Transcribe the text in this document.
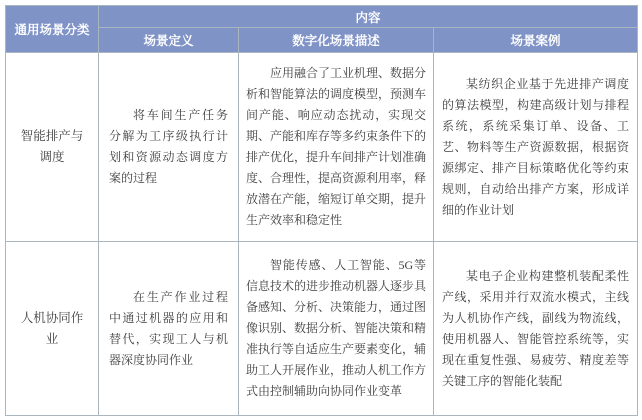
通用场景分类	内容		
	场景定义	数字化场景描述	场景案例
智能排产与调度	将车间生产任务分解为工序级执行计划和资源动态调度方案的过程	应用融合了工业机理、数据分析和智能算法的调度模型，预测车间产能、响应动态扰动，实现交期、产能和库存等多约束条件下的排产优化，提升车间排产计划准确度、合理性，提高资源利用率，释放潜在产能，缩短订单交期，提升生产效率和稳定性	某纺织企业基于先进排产调度的算法模型，构建高级计划与排程系统，系统采集订单、设备、工艺、物料等生产资源数据，根据资源绑定、排产目标策略优化等约束规则，自动给出排产方案，形成详细的作业计划
人机协同作业	在生产作业过程中通过机器的应用和替代，实现工人与机器深度协同作业	智能传感、人工智能、5G等信息技术的进步推动机器人逐步具备感知、分析、决策能力，通过图像识别、数据分析、智能决策和精准执行等自适应生产要素变化，辅助工人开展作业，推动人机工作方式由控制辅助向协同作业变革	某电子企业构建整机装配柔性产线，采用并行双流水模式，主线为人机协作产线，副线为物流线，使用机器人、智能管控系统等，实现在重复性强、易疲劳、精度差等关键工序的智能化装配
